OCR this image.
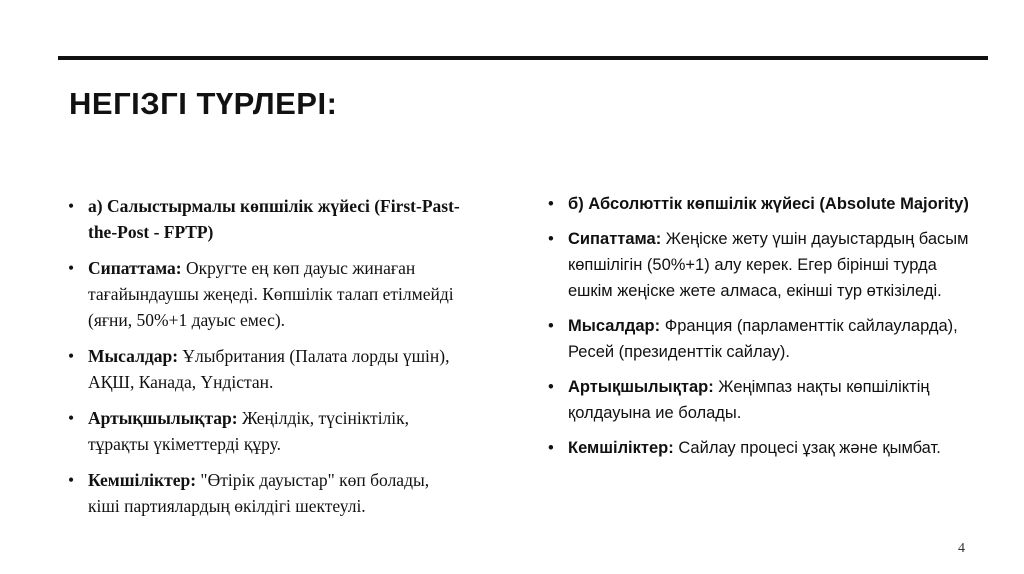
НЕГІЗГІ ТҮРЛЕРІ:
• а) Салыстырмалы көпшілік жүйесі (First-Past-the-Post - FPTP)
• Сипаттама: Округте ең көп дауыс жинаған тағайындаушы жеңеді. Көпшілік талап етілмейді (яғни, 50%+1 дауыс емес).
• Мысалдар: Ұлыбритания (Палата лорды үшін), АҚШ, Канада, Үндістан.
• Артықшылықтар: Жеңілдік, түсініктілік, тұрақты үкіметтерді құру.
• Кемшіліктер: "Өтірік дауыстар" көп болады, кіші партиялардың өкілдігі шектеулі.
• б) Абсолюттік көпшілік жүйесі (Absolute Majority)
• Сипаттама: Жеңіске жету үшін дауыстардың басым көпшілігін (50%+1) алу керек. Егер бірінші турда ешкім жеңіске жете алмаса, екінші тур өткізіледі.
• Мысалдар: Франция (парламенттік сайлауларда), Ресей (президенттік сайлау).
• Артықшылықтар: Жеңімпаз нақты көпшіліктің қолдауына ие болады.
• Кемшіліктер: Сайлау процесі ұзақ және қымбат.
4
